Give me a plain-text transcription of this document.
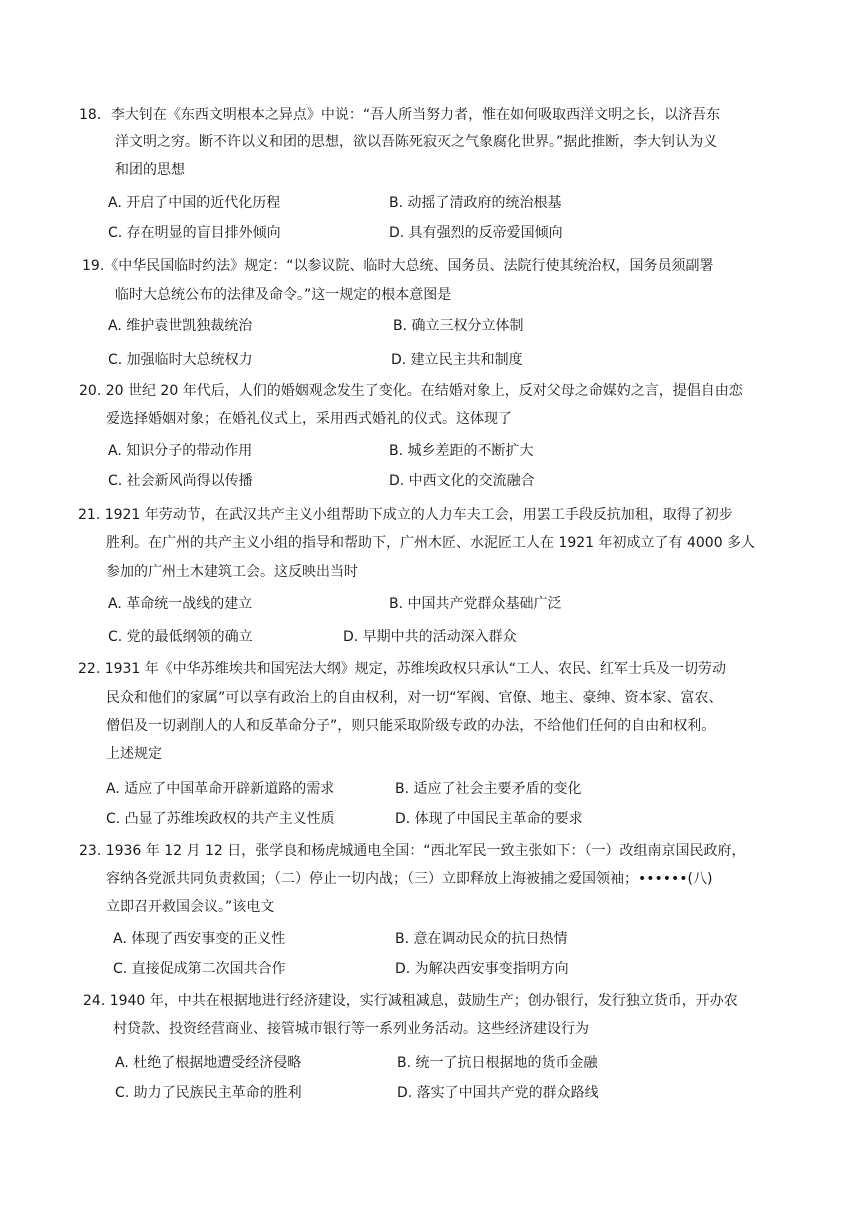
18．李大钊在《东西文明根本之异点》中说：“吾人所当努力者，惟在如何吸取西洋文明之长，以济吾东
洋文明之穷。断不许以义和团的思想，欲以吾陈死寂灭之气象腐化世界。”据此推断，李大钊认为义
和团的思想
A. 开启了中国的近代化历程	B. 动摇了清政府的统治根基
C. 存在明显的盲目排外倾向	D. 具有强烈的反帝爱国倾向
19.《中华民国临时约法》规定：“以参议院、临时大总统、国务员、法院行使其统治权，国务员须副署
临时大总统公布的法律及命令。”这一规定的根本意图是
A. 维护袁世凯独裁统治	B. 确立三权分立体制
C. 加强临时大总统权力	D. 建立民主共和制度
20. 20 世纪 20 年代后，人们的婚姻观念发生了变化。在结婚对象上，反对父母之命媒妁之言，提倡自由恋
爱选择婚姻对象；在婚礼仪式上，采用西式婚礼的仪式。这体现了
A. 知识分子的带动作用	B. 城乡差距的不断扩大
C. 社会新风尚得以传播	D. 中西文化的交流融合
21. 1921 年劳动节，在武汉共产主义小组帮助下成立的人力车夫工会，用罢工手段反抗加租，取得了初步
胜利。在广州的共产主义小组的指导和帮助下，广州木匠、水泥匠工人在 1921 年初成立了有 4000 多人
参加的广州土木建筑工会。这反映出当时
A. 革命统一战线的建立	B. 中国共产党群众基础广泛
C. 党的最低纲领的确立	D. 早期中共的活动深入群众
22. 1931 年《中华苏维埃共和国宪法大纲》规定，苏维埃政权只承认“工人、农民、红军士兵及一切劳动
民众和他们的家属”可以享有政治上的自由权利，对一切“军阀、官僚、地主、豪绅、资本家、富农、
僧侣及一切剥削人的人和反革命分子”，则只能采取阶级专政的办法，不给他们任何的自由和权利。
上述规定
A. 适应了中国革命开辟新道路的需求	B. 适应了社会主要矛盾的变化
C. 凸显了苏维埃政权的共产主义性质	D. 体现了中国民主革命的要求
23. 1936 年 12 月 12 日，张学良和杨虎城通电全国：“西北军民一致主张如下：（一）改组南京国民政府，
容纳各党派共同负责救国；（二）停止一切内战；（三）立即释放上海被捕之爱国领袖；••••••(八)
立即召开救国会议。”该电文
A. 体现了西安事变的正义性	B. 意在调动民众的抗日热情
C. 直接促成第二次国共合作	D. 为解决西安事变指明方向
24. 1940 年，中共在根据地进行经济建设，实行减租减息，鼓励生产；创办银行，发行独立货币，开办农
村贷款、投资经营商业、接管城市银行等一系列业务活动。这些经济建设行为
A. 杜绝了根据地遭受经济侵略	B. 统一了抗日根据地的货币金融
C. 助力了民族民主革命的胜利	D. 落实了中国共产党的群众路线
